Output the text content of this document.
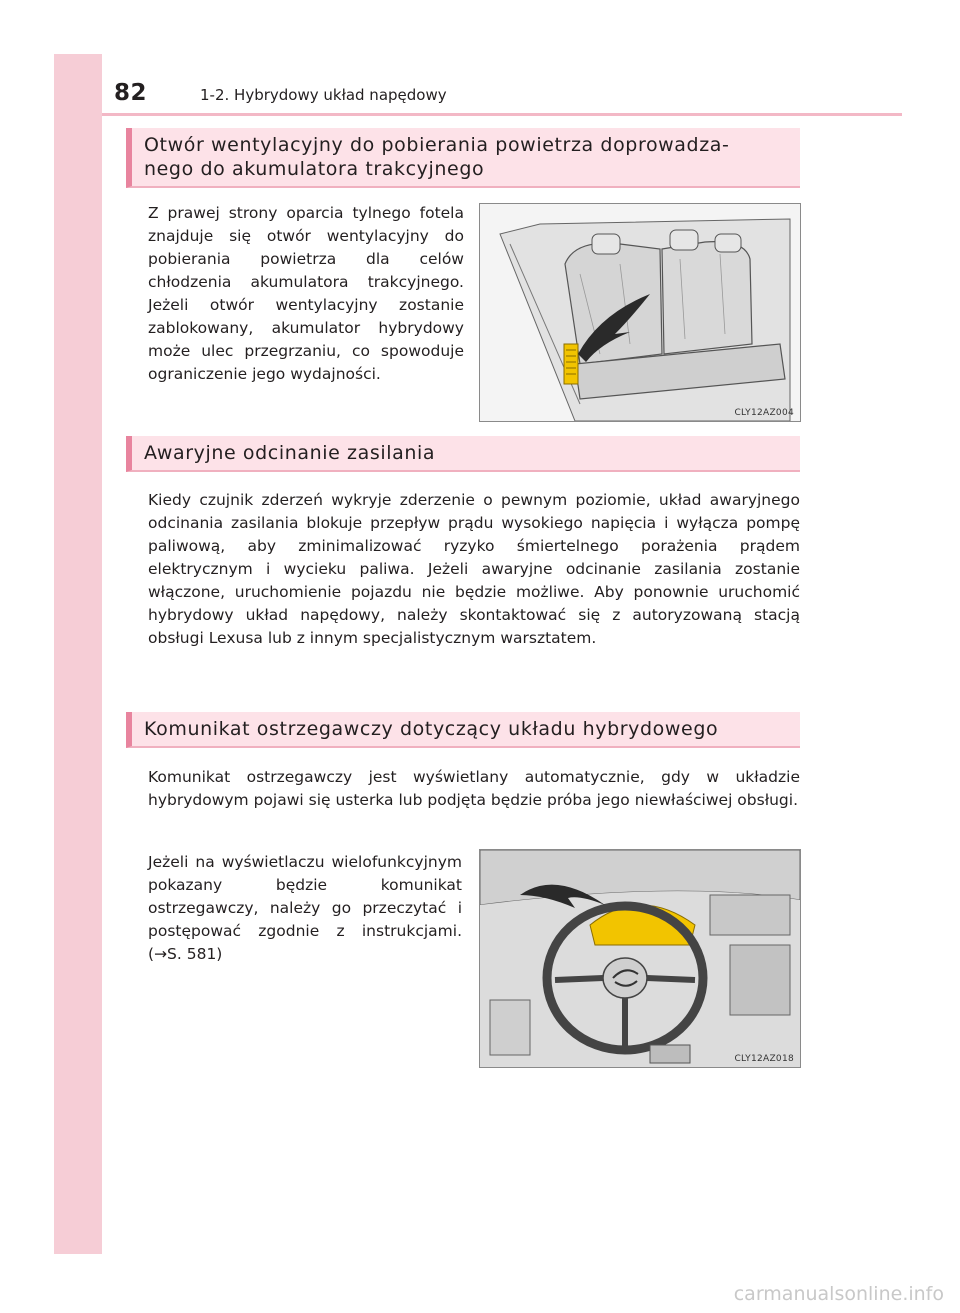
82	1-2. Hybrydowy układ napędowy
Otwór wentylacyjny do pobierania powietrza doprowadza-
nego do akumulatora trakcyjnego

Z prawej strony oparcia tylnego fotela znajduje się otwór wentylacyjny do pobierania powietrza dla celów chłodzenia akumulatora trakcyjnego. Jeżeli otwór wentylacyjny zostanie zablokowany, akumulator hybrydowy może ulec przegrzaniu, co spowoduje ograniczenie jego wydajności.

CLY12AZ004
Awaryjne odcinanie zasilania

Kiedy czujnik zderzeń wykryje zderzenie o pewnym poziomie, układ awaryjnego odcinania zasilania blokuje przepływ prądu wysokiego napięcia i wyłącza pompę paliwową, aby zminimalizować ryzyko śmiertelnego porażenia prądem elektrycznym i wycieku paliwa. Jeżeli awaryjne odcinanie zasilania zostanie włączone, uruchomienie pojazdu nie będzie możliwe. Aby ponownie uruchomić hybrydowy układ napędowy, należy skontaktować się z autoryzowaną stacją obsługi Lexusa lub z innym specjalistycznym warsztatem.

Komunikat ostrzegawczy dotyczący układu hybrydowego

Komunikat ostrzegawczy jest wyświetlany automatycznie, gdy w układzie hybrydowym pojawi się usterka lub podjęta będzie próba jego niewłaściwej obsługi.

Jeżeli na wyświetlaczu wielofunkcyjnym pokazany będzie komunikat ostrzegawczy, należy go przeczytać i postępować zgodnie z instrukcjami. (→S. 581)

CLY12AZ018
carmanualsonline.info
